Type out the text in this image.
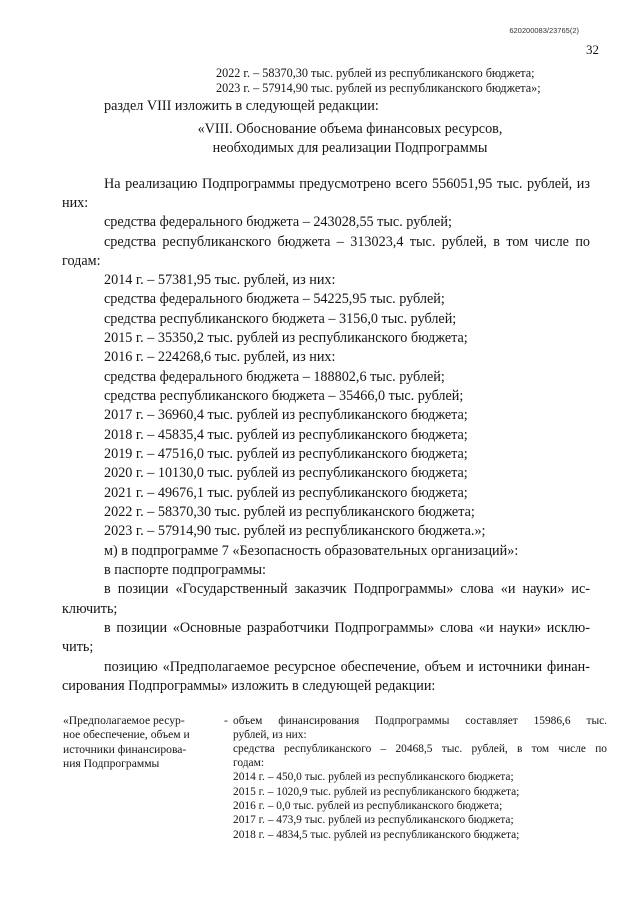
620200083/23765(2)
32
2022 г. – 58370,30 тыс. рублей из республиканского бюджета;
2023 г. – 57914,90 тыс. рублей из республиканского бюджета»;
раздел VIII изложить в следующей редакции:
«VIII. Обоснование объема финансовых ресурсов,
необходимых для реализации Подпрограммы
На реализацию Подпрограммы предусмотрено всего 556051,95 тыс. рублей, из
них:
средства федерального бюджета – 243028,55 тыс. рублей;
средства республиканского бюджета – 313023,4 тыс. рублей, в том числе по
годам:
2014 г. – 57381,95 тыс. рублей, из них:
средства федерального бюджета – 54225,95 тыс. рублей;
средства республиканского бюджета – 3156,0 тыс. рублей;
2015 г. – 35350,2 тыс. рублей из республиканского бюджета;
2016 г. – 224268,6 тыс. рублей, из них:
средства федерального бюджета – 188802,6 тыс. рублей;
средства республиканского бюджета – 35466,0 тыс. рублей;
2017 г. – 36960,4 тыс. рублей из республиканского бюджета;
2018 г. – 45835,4 тыс. рублей из республиканского бюджета;
2019 г. – 47516,0 тыс. рублей из республиканского бюджета;
2020 г. – 10130,0 тыс. рублей из республиканского бюджета;
2021 г. – 49676,1 тыс. рублей из республиканского бюджета;
2022 г. – 58370,30 тыс. рублей из республиканского бюджета;
2023 г. – 57914,90 тыс. рублей из республиканского бюджета.»;
м) в подпрограмме 7 «Безопасность образовательных организаций»:
в паспорте подпрограммы:
в позиции «Государственный заказчик Подпрограммы» слова «и науки» ис-
ключить;
в позиции «Основные разработчики Подпрограммы» слова «и науки» исклю-
чить;
позицию «Предполагаемое ресурсное обеспечение, объем и источники финан-
сирования Подпрограммы» изложить в следующей редакции:
«Предполагаемое ресур-
ное обеспечение, объем и
источники финансирова-
ния Подпрограммы
- объем финансирования Подпрограммы составляет 15986,6 тыс.
рублей, из них:
средства республиканского – 20468,5 тыс. рублей, в том числе по
годам:
2014 г. – 450,0 тыс. рублей из республиканского бюджета;
2015 г. – 1020,9 тыс. рублей из республиканского бюджета;
2016 г. – 0,0 тыс. рублей из республиканского бюджета;
2017 г. – 473,9 тыс. рублей из республиканского бюджета;
2018 г. – 4834,5 тыс. рублей из республиканского бюджета;
